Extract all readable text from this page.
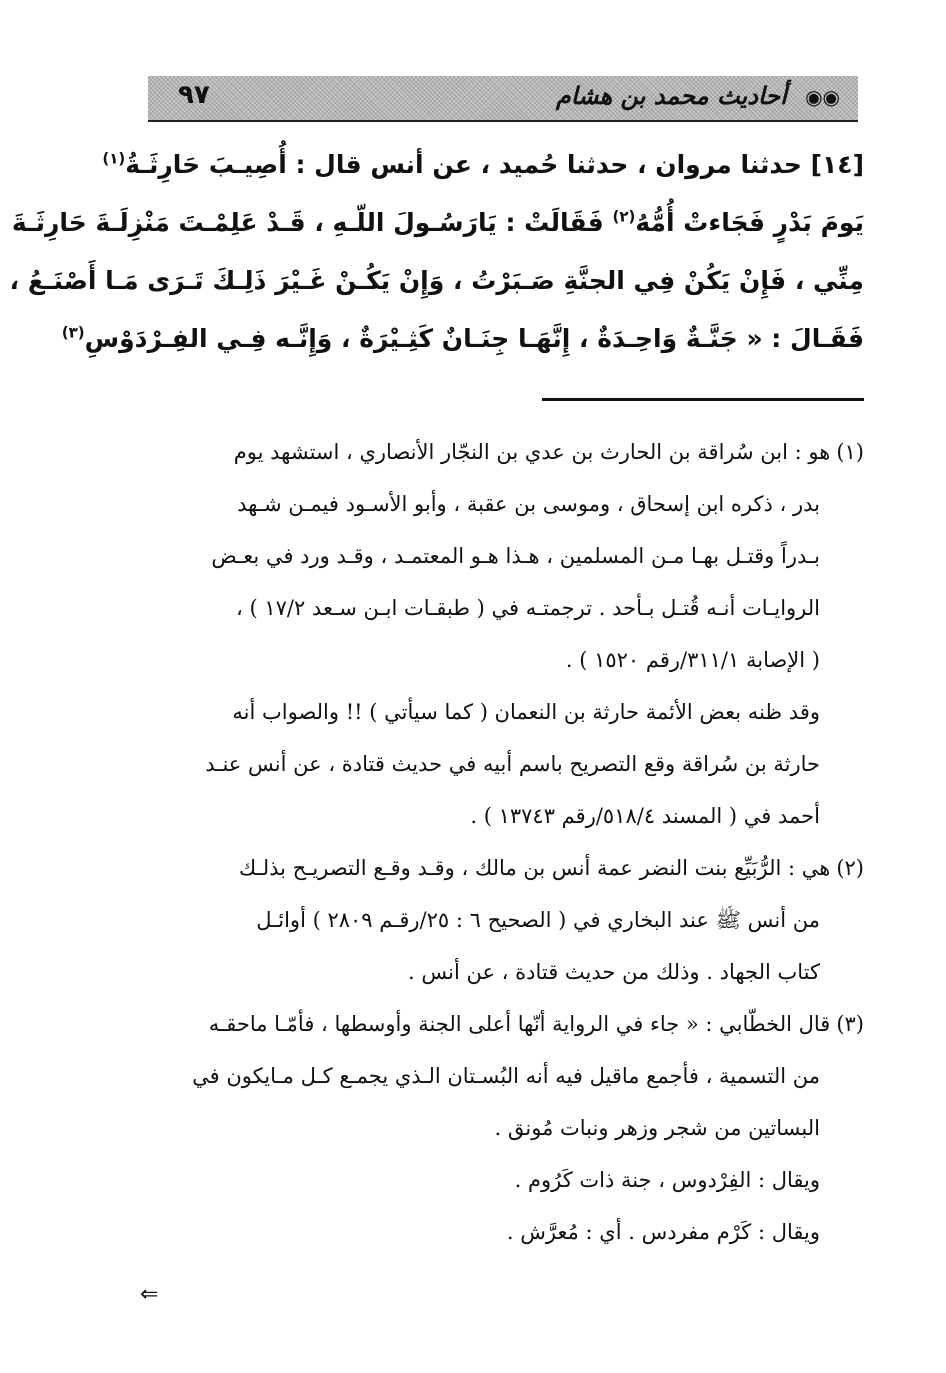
◉◉ أحاديث محمد بن هشام
٩٧
[١٤] حدثنا مروان ، حدثنا حُميد ، عن أنس قال : أُصِيـبَ حَارِثَـةُ$^{(١)}$
يَومَ بَدْرٍ فَجَاءتْ أُمُّهُ$^{(٢)}$ فَقَالَتْ : يَارَسُـولَ اللّـهِ ، قَـدْ عَلِمْـتَ مَنْزِلَـةَ حَارِثَـةَ
مِنِّي ، فَإِنْ يَكُنْ فِي الجنَّةِ صَـبَرْتُ ، وَإِنْ يَكُـنْ غَـيْرَ ذَلِـكَ تَـرَى مَـا أَصْنَـعُ ،
فَقَـالَ : « جَنَّـةٌ وَاحِـدَةٌ ، إِنَّهَـا جِنَـانٌ كَثِـيْرَةٌ ، وَإِنَّـه فِـي الفِـرْدَوْسِ$^{(٣)}$
(١)هو : ابن سُراقة بن الحارث بن عدي بن النجّار الأنصاري ، استشهد يوم
بدر ، ذكره ابن إسحاق ، وموسى بن عقبة ، وأبو الأسـود فيمـن شـهد
بـدراً وقتـل بهـا مـن المسلمين ، هـذا هـو المعتمـد ، وقـد ورد في بعـض
الروايـات أنـه قُتـل بـأحد . ترجمتـه في ( طبقـات ابـن سـعد ١٧/٢ ) ،
( الإصابة ٣١١/١/رقم ١٥٢٠ ) .
وقد ظنه بعض الأئمة حارثة بن النعمان ( كما سيأتي ) !! والصواب أنه
حارثة بن سُراقة وقع التصريح باسم أبيه في حديث قتادة ، عن أنس عنـد
أحمد في ( المسند ٥١٨/٤/رقم ١٣٧٤٣ ) .
(٢)هي : الرُّبَيِّع بنت النضر عمة أنس بن مالك ، وقـد وقـع التصريـح بذلـك
من أنس ﷺ عند البخاري في ( الصحيح ٦ : ٢٥/رقـم ٢٨٠٩ ) أوائـل
كتاب الجهاد . وذلك من حديث قتادة ، عن أنس .
(٣)قال الخطّابي : « جاء في الرواية أنّها أعلى الجنة وأوسطها ، فأمّـا ماحقـه
من التسمية ، فأجمع ماقيل فيه أنه البُسـتان الـذي يجمـع كـل مـايكون في
البساتين من شجر وزهر ونبات مُونق .
ويقال : الفِرْدوس ، جنة ذات كَرُوم .
ويقال : كَرْم مفردس . أي : مُعرَّش .
⇐
